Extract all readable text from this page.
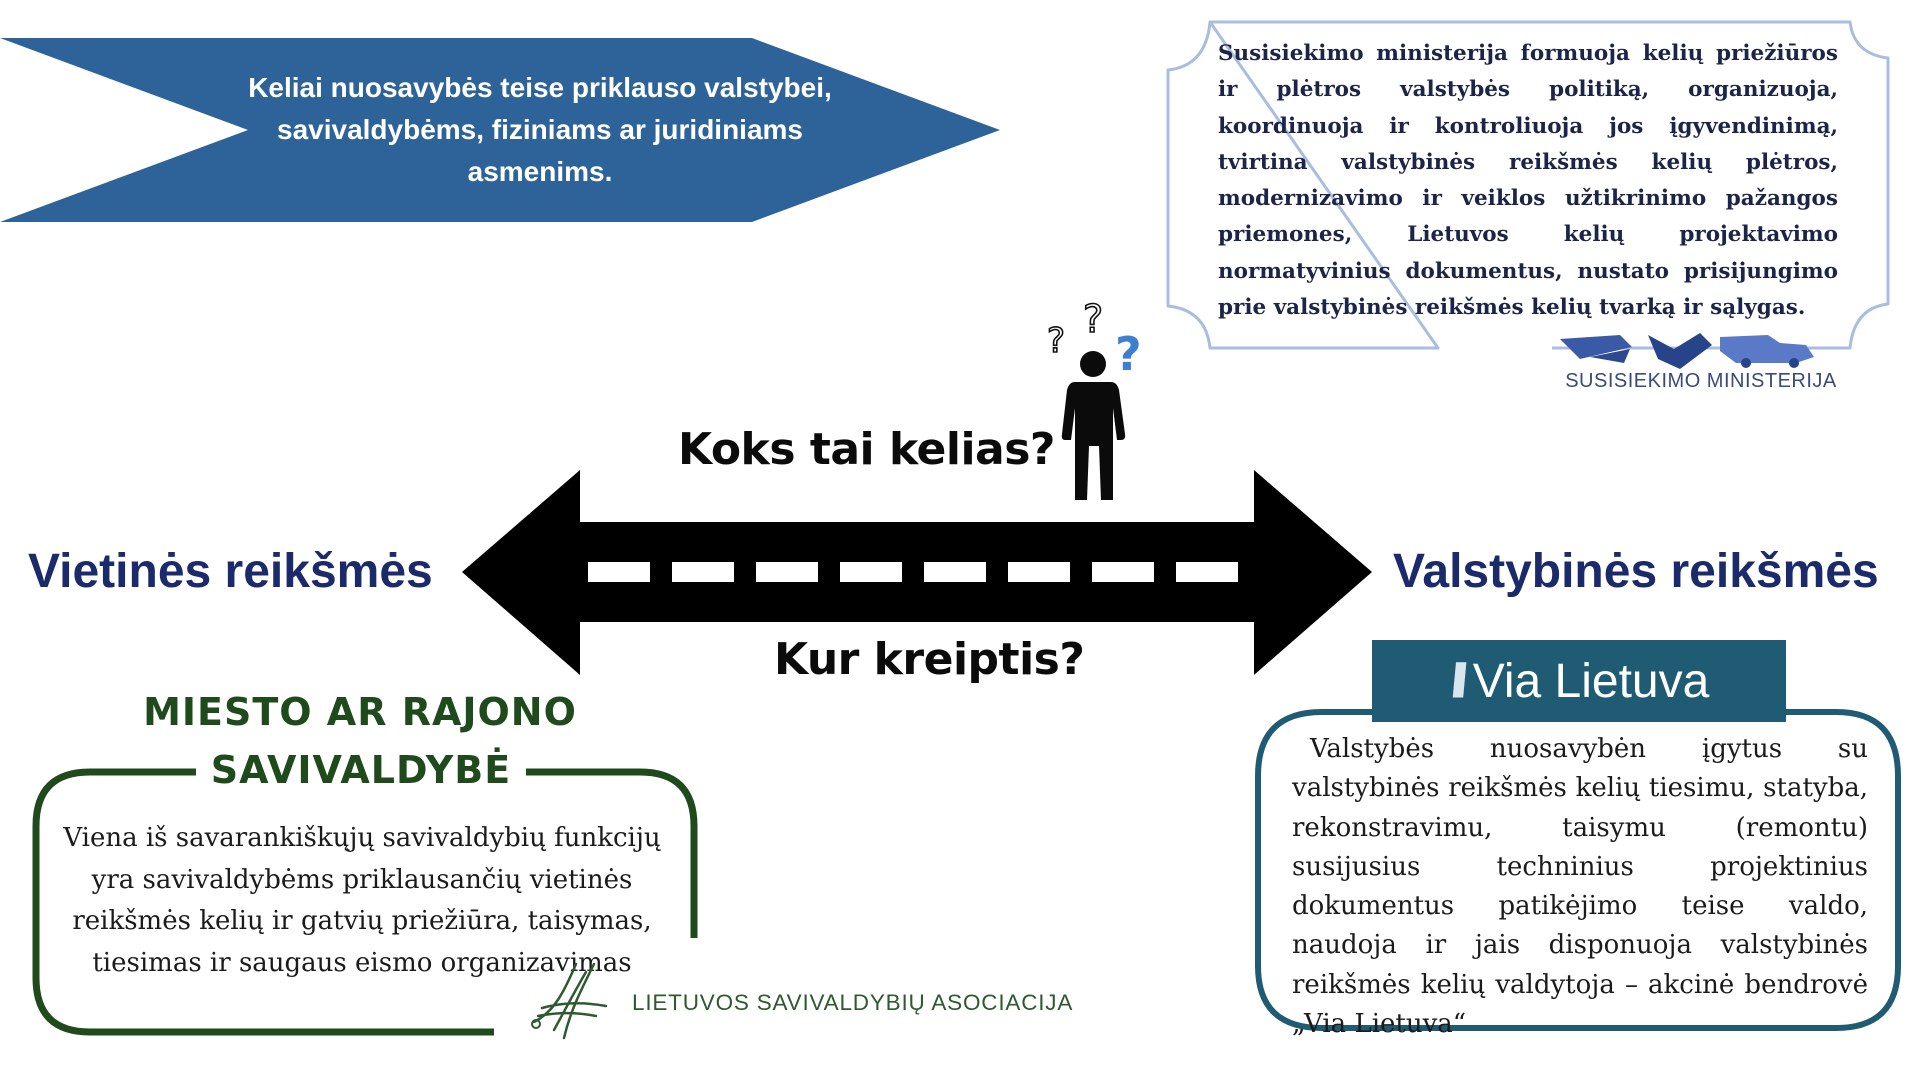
Keliai nuosavybės teise priklauso valstybei, savivaldybėms, fiziniams ar juridiniams asmenims.
Susisiekimo ministerija formuoja kelių priežiūros ir plėtros valstybės politiką, organizuoja, koordinuoja ir kontroliuoja jos įgyvendinimą, tvirtina valstybinės reikšmės kelių plėtros, modernizavimo ir veiklos užtikrinimo pažangos priemones, Lietuvos kelių projektavimo normatyvinius dokumentus, nustato prisijungimo prie valstybinės reikšmės kelių tvarką ir sąlygas.
SUSISIEKIMO MINISTERIJA
? ?
?
Koks tai kelias?
Kur kreiptis?
Vietinės reikšmės	Valstybinės reikšmės
MIESTO AR RAJONO
SAVIVALDYBĖ
Viena iš savarankiškųjų savivaldybių funkcijų yra savivaldybėms priklausančių vietinės reikšmės kelių ir gatvių priežiūra, taisymas, tiesimas ir saugaus eismo organizavimas
LIETUVOS SAVIVALDYBIŲ ASOCIACIJA
\\\ Via Lietuva
Valstybės nuosavybėn įgytus su valstybinės reikšmės kelių tiesimu, statyba, rekonstravimu, taisymu (remontu) susijusius techninius projektinius dokumentus patikėjimo teise valdo, naudoja ir jais disponuoja valstybinės reikšmės kelių valdytoja – akcinė bendrovė „Via Lietuva“
